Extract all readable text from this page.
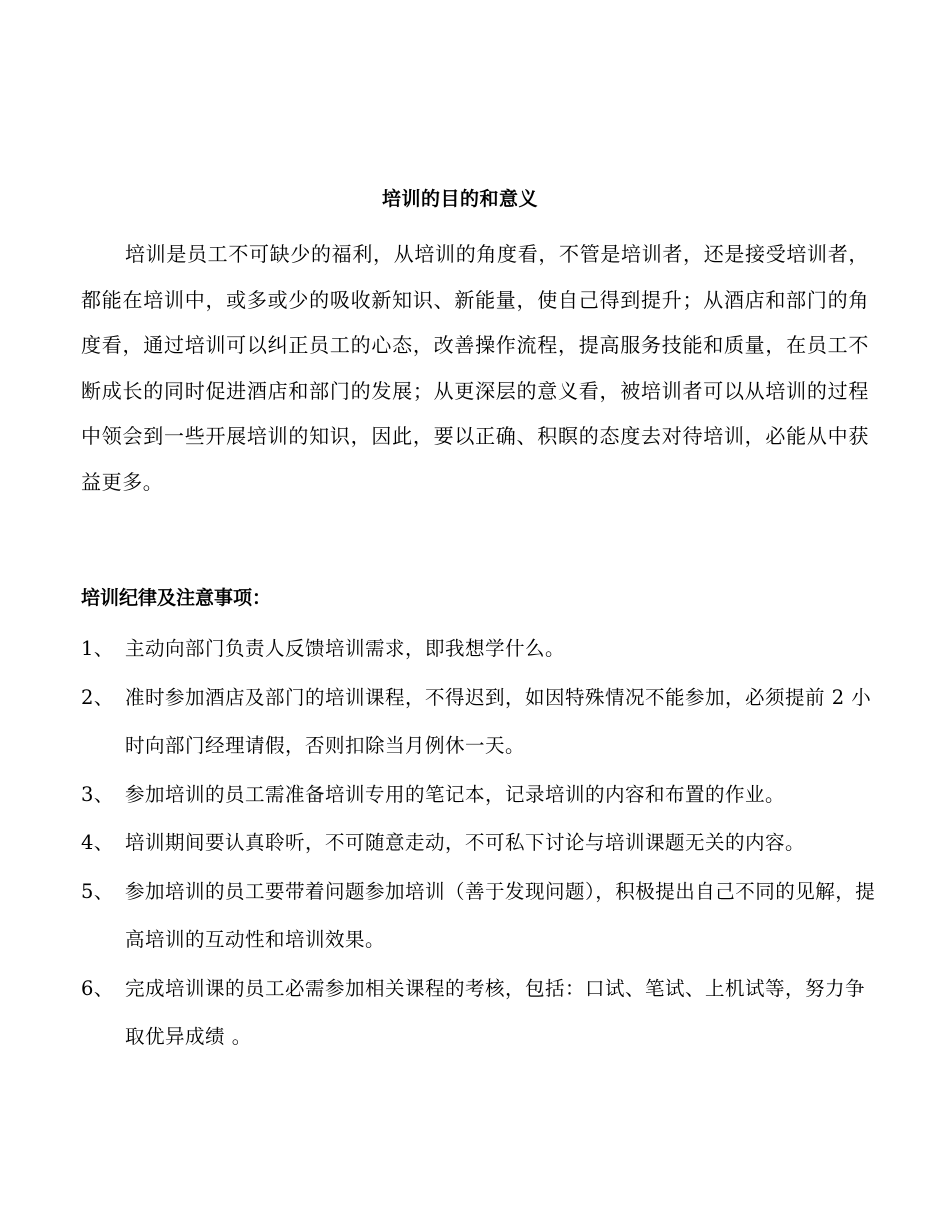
培训的目的和意义

培训是员工不可缺少的福利，从培训的角度看，不管是培训者，还是接受培训者，都能在培训中，或多或少的吸收新知识、新能量，使自己得到提升；从酒店和部门的角度看，通过培训可以纠正员工的心态，改善操作流程，提高服务技能和质量，在员工不断成长的同时促进酒店和部门的发展；从更深层的意义看，被培训者可以从培训的过程中领会到一些开展培训的知识，因此，要以正确、积瞑的态度去对待培训，必能从中获益更多。

培训纪律及注意事项：
1、 主动向部门负责人反馈培训需求，即我想学什么。
2、 准时参加酒店及部门的培训课程，不得迟到，如因特殊情况不能参加，必须提前 2 小时向部门经理请假，否则扣除当月例休一天。
3、 参加培训的员工需准备培训专用的笔记本，记录培训的内容和布置的作业。
4、 培训期间要认真聆听，不可随意走动，不可私下讨论与培训课题无关的内容。
5、 参加培训的员工要带着问题参加培训（善于发现问题），积极提出自己不同的见解，提高培训的互动性和培训效果。
6、 完成培训课的员工必需参加相关课程的考核，包括：口试、笔试、上机试等，努力争取优异成绩 。
